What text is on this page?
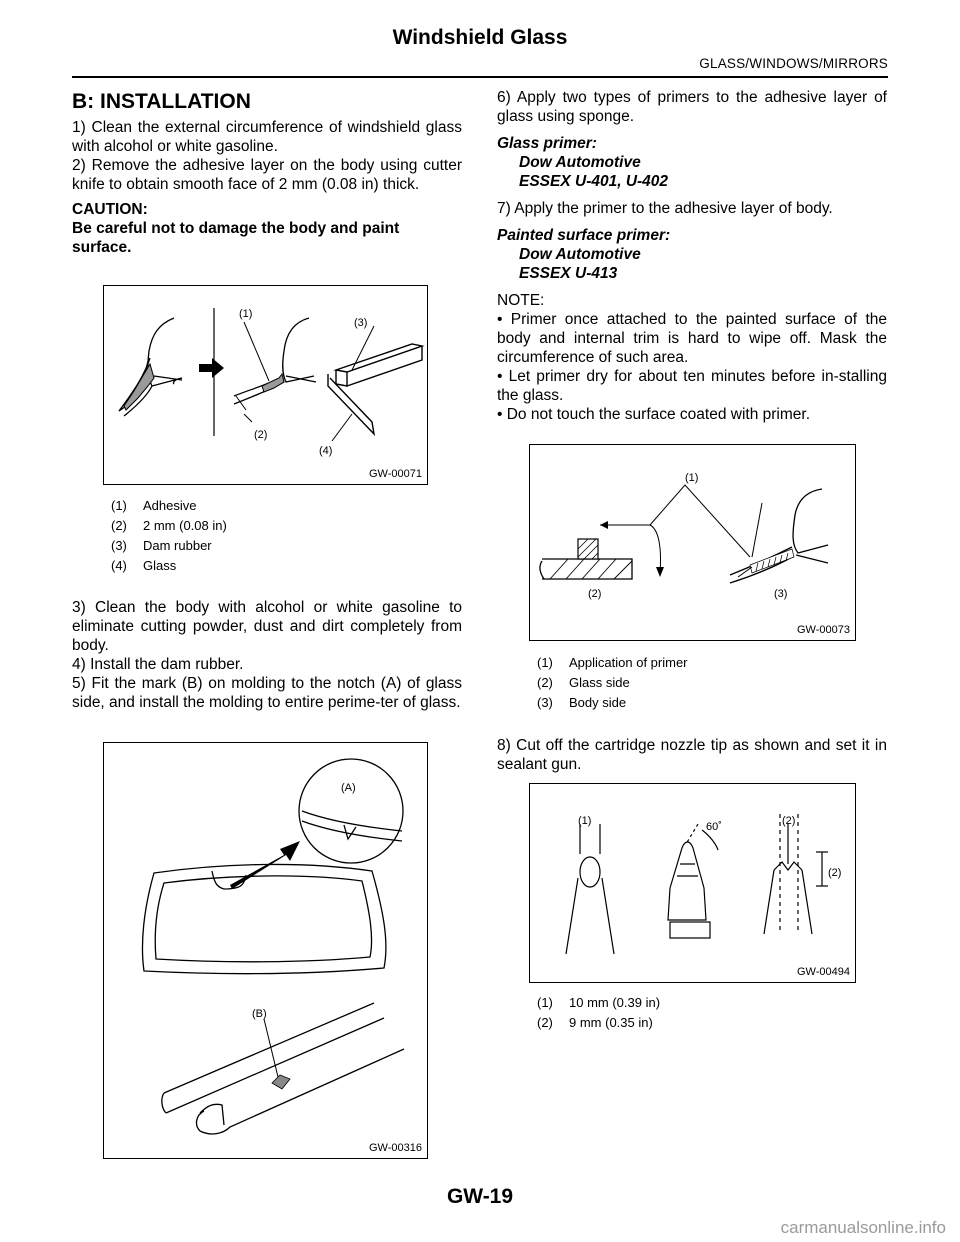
Windshield Glass
GLASS/WINDOWS/MIRRORS
B: INSTALLATION

1) Clean the external circumference of windshield glass with alcohol or white gasoline.

2) Remove the adhesive layer on the body using cutter knife to obtain smooth face of 2 mm (0.08 in) thick.

CAUTION:
Be careful not to damage the body and paint surface.
(1)
(2)
(3)
(4)
GW-00071
(1)	Adhesive
(2)	2 mm (0.08 in)
(3)	Dam rubber
(4)	Glass

3) Clean the body with alcohol or white gasoline to eliminate cutting powder, dust and dirt completely from body.

4) Install the dam rubber.

5) Fit the mark (B) on molding to the notch (A) of glass side, and install the molding to entire perime-ter of glass.

(A)
(B)
GW-00316

6) Apply two types of primers to the adhesive layer of glass using sponge.

Glass primer:
Dow Automotive
ESSEX U-401, U-402

7) Apply the primer to the adhesive layer of body.

Painted surface primer:
Dow Automotive
ESSEX U-413
NOTE:

• Primer once attached to the painted surface of the body and internal trim is hard to wipe off. Mask the circumference of such area.

• Let primer dry for about ten minutes before in-stalling the glass.

• Do not touch the surface coated with primer.

(1)
(2)	(3)
GW-00073
(1)	Application of primer
(2)	Glass side
(3)	Body side

8) Cut off the cartridge nozzle tip as shown and set it in sealant gun.

(1)	60˚	(2)
(2)
GW-00494
(1)	10 mm (0.39 in)
(2)	9 mm (0.35 in)
GW-19
carmanualsonline.info
